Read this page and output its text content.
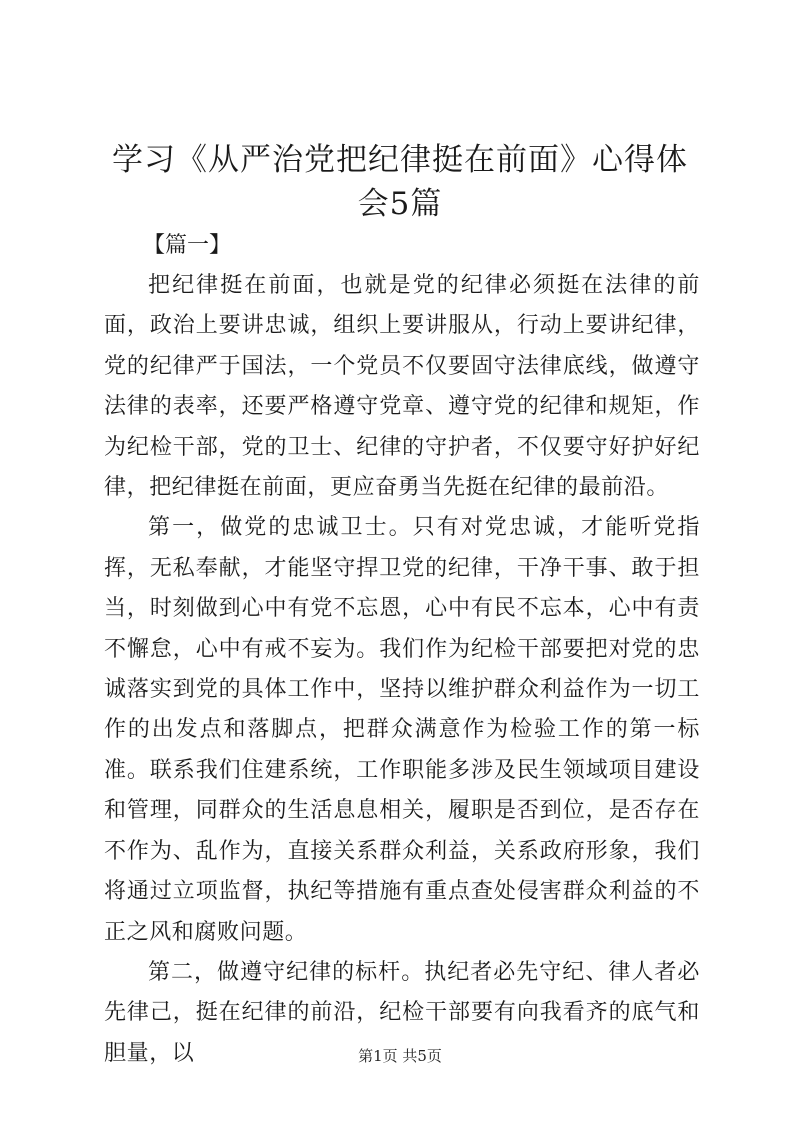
学习《从严治党把纪律挺在前面》心得体会5篇
【篇一】

把纪律挺在前面，也就是党的纪律必须挺在法律的前面，政治上要讲忠诚，组织上要讲服从，行动上要讲纪律，党的纪律严于国法，一个党员不仅要固守法律底线，做遵守法律的表率，还要严格遵守党章、遵守党的纪律和规矩，作为纪检干部，党的卫士、纪律的守护者，不仅要守好护好纪律，把纪律挺在前面，更应奋勇当先挺在纪律的最前沿。

第一，做党的忠诚卫士。只有对党忠诚，才能听党指挥，无私奉献，才能坚守捍卫党的纪律，干净干事、敢于担当，时刻做到心中有党不忘恩，心中有民不忘本，心中有责不懈怠，心中有戒不妄为。我们作为纪检干部要把对党的忠诚落实到党的具体工作中，坚持以维护群众利益作为一切工作的出发点和落脚点，把群众满意作为检验工作的第一标准。联系我们住建系统，工作职能多涉及民生领域项目建设和管理，同群众的生活息息相关，履职是否到位，是否存在不作为、乱作为，直接关系群众利益，关系政府形象，我们将通过立项监督，执纪等措施有重点查处侵害群众利益的不正之风和腐败问题。

第二，做遵守纪律的标杆。执纪者必先守纪、律人者必先律己，挺在纪律的前沿，纪检干部要有向我看齐的底气和胆量，以	第1页 共5页
